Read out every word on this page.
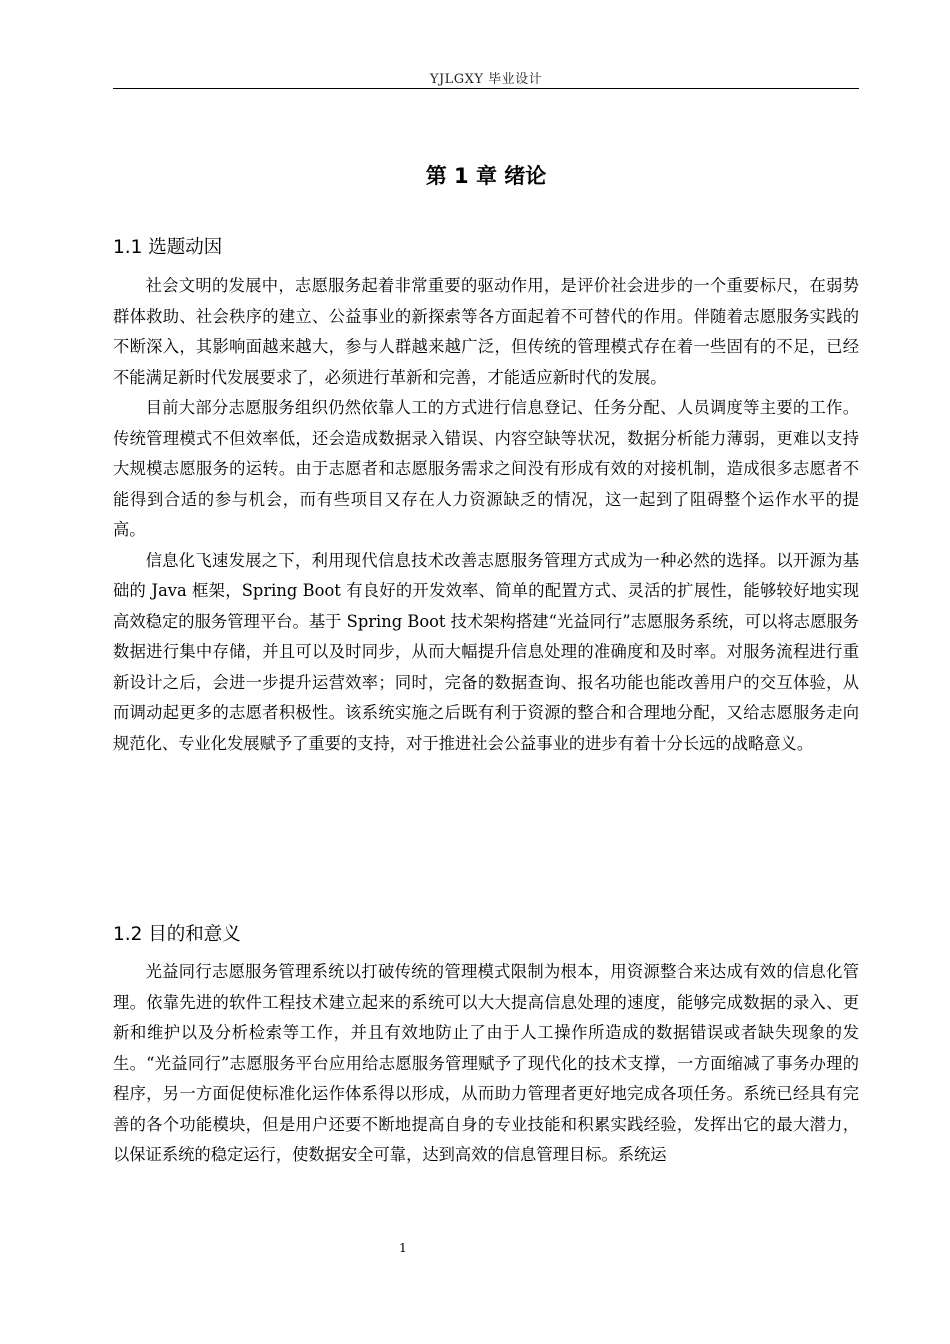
YJLGXY 毕业设计
第 1 章 绪论
1.1 选题动因

社会文明的发展中，志愿服务起着非常重要的驱动作用，是评价社会进步的一个重要标尺，在弱势群体救助、社会秩序的建立、公益事业的新探索等各方面起着不可替代的作用。伴随着志愿服务实践的不断深入，其影响面越来越大，参与人群越来越广泛，但传统的管理模式存在着一些固有的不足，已经不能满足新时代发展要求了，必须进行革新和完善，才能适应新时代的发展。

目前大部分志愿服务组织仍然依靠人工的方式进行信息登记、任务分配、人员调度等主要的工作。传统管理模式不但效率低，还会造成数据录入错误、内容空缺等状况，数据分析能力薄弱，更难以支持大规模志愿服务的运转。由于志愿者和志愿服务需求之间没有形成有效的对接机制，造成很多志愿者不能得到合适的参与机会，而有些项目又存在人力资源缺乏的情况，这一起到了阻碍整个运作水平的提高。

信息化飞速发展之下，利用现代信息技术改善志愿服务管理方式成为一种必然的选择。以开源为基础的 Java 框架，Spring Boot 有良好的开发效率、简单的配置方式、灵活的扩展性，能够较好地实现高效稳定的服务管理平台。基于 Spring Boot 技术架构搭建“光益同行”志愿服务系统，可以将志愿服务数据进行集中存储，并且可以及时同步，从而大幅提升信息处理的准确度和及时率。对服务流程进行重新设计之后，会进一步提升运营效率；同时，完备的数据查询、报名功能也能改善用户的交互体验，从而调动起更多的志愿者积极性。该系统实施之后既有利于资源的整合和合理地分配，又给志愿服务走向规范化、专业化发展赋予了重要的支持，对于推进社会公益事业的进步有着十分长远的战略意义。

1.2 目的和意义

光益同行志愿服务管理系统以打破传统的管理模式限制为根本，用资源整合来达成有效的信息化管理。依靠先进的软件工程技术建立起来的系统可以大大提高信息处理的速度，能够完成数据的录入、更新和维护以及分析检索等工作，并且有效地防止了由于人工操作所造成的数据错误或者缺失现象的发生。“光益同行”志愿服务平台应用给志愿服务管理赋予了现代化的技术支撑，一方面缩减了事务办理的程序，另一方面促使标准化运作体系得以形成，从而助力管理者更好地完成各项任务。系统已经具有完善的各个功能模块，但是用户还要不断地提高自身的专业技能和积累实践经验，发挥出它的最大潜力，以保证系统的稳定运行，使数据安全可靠，达到高效的信息管理目标。系统运

1
